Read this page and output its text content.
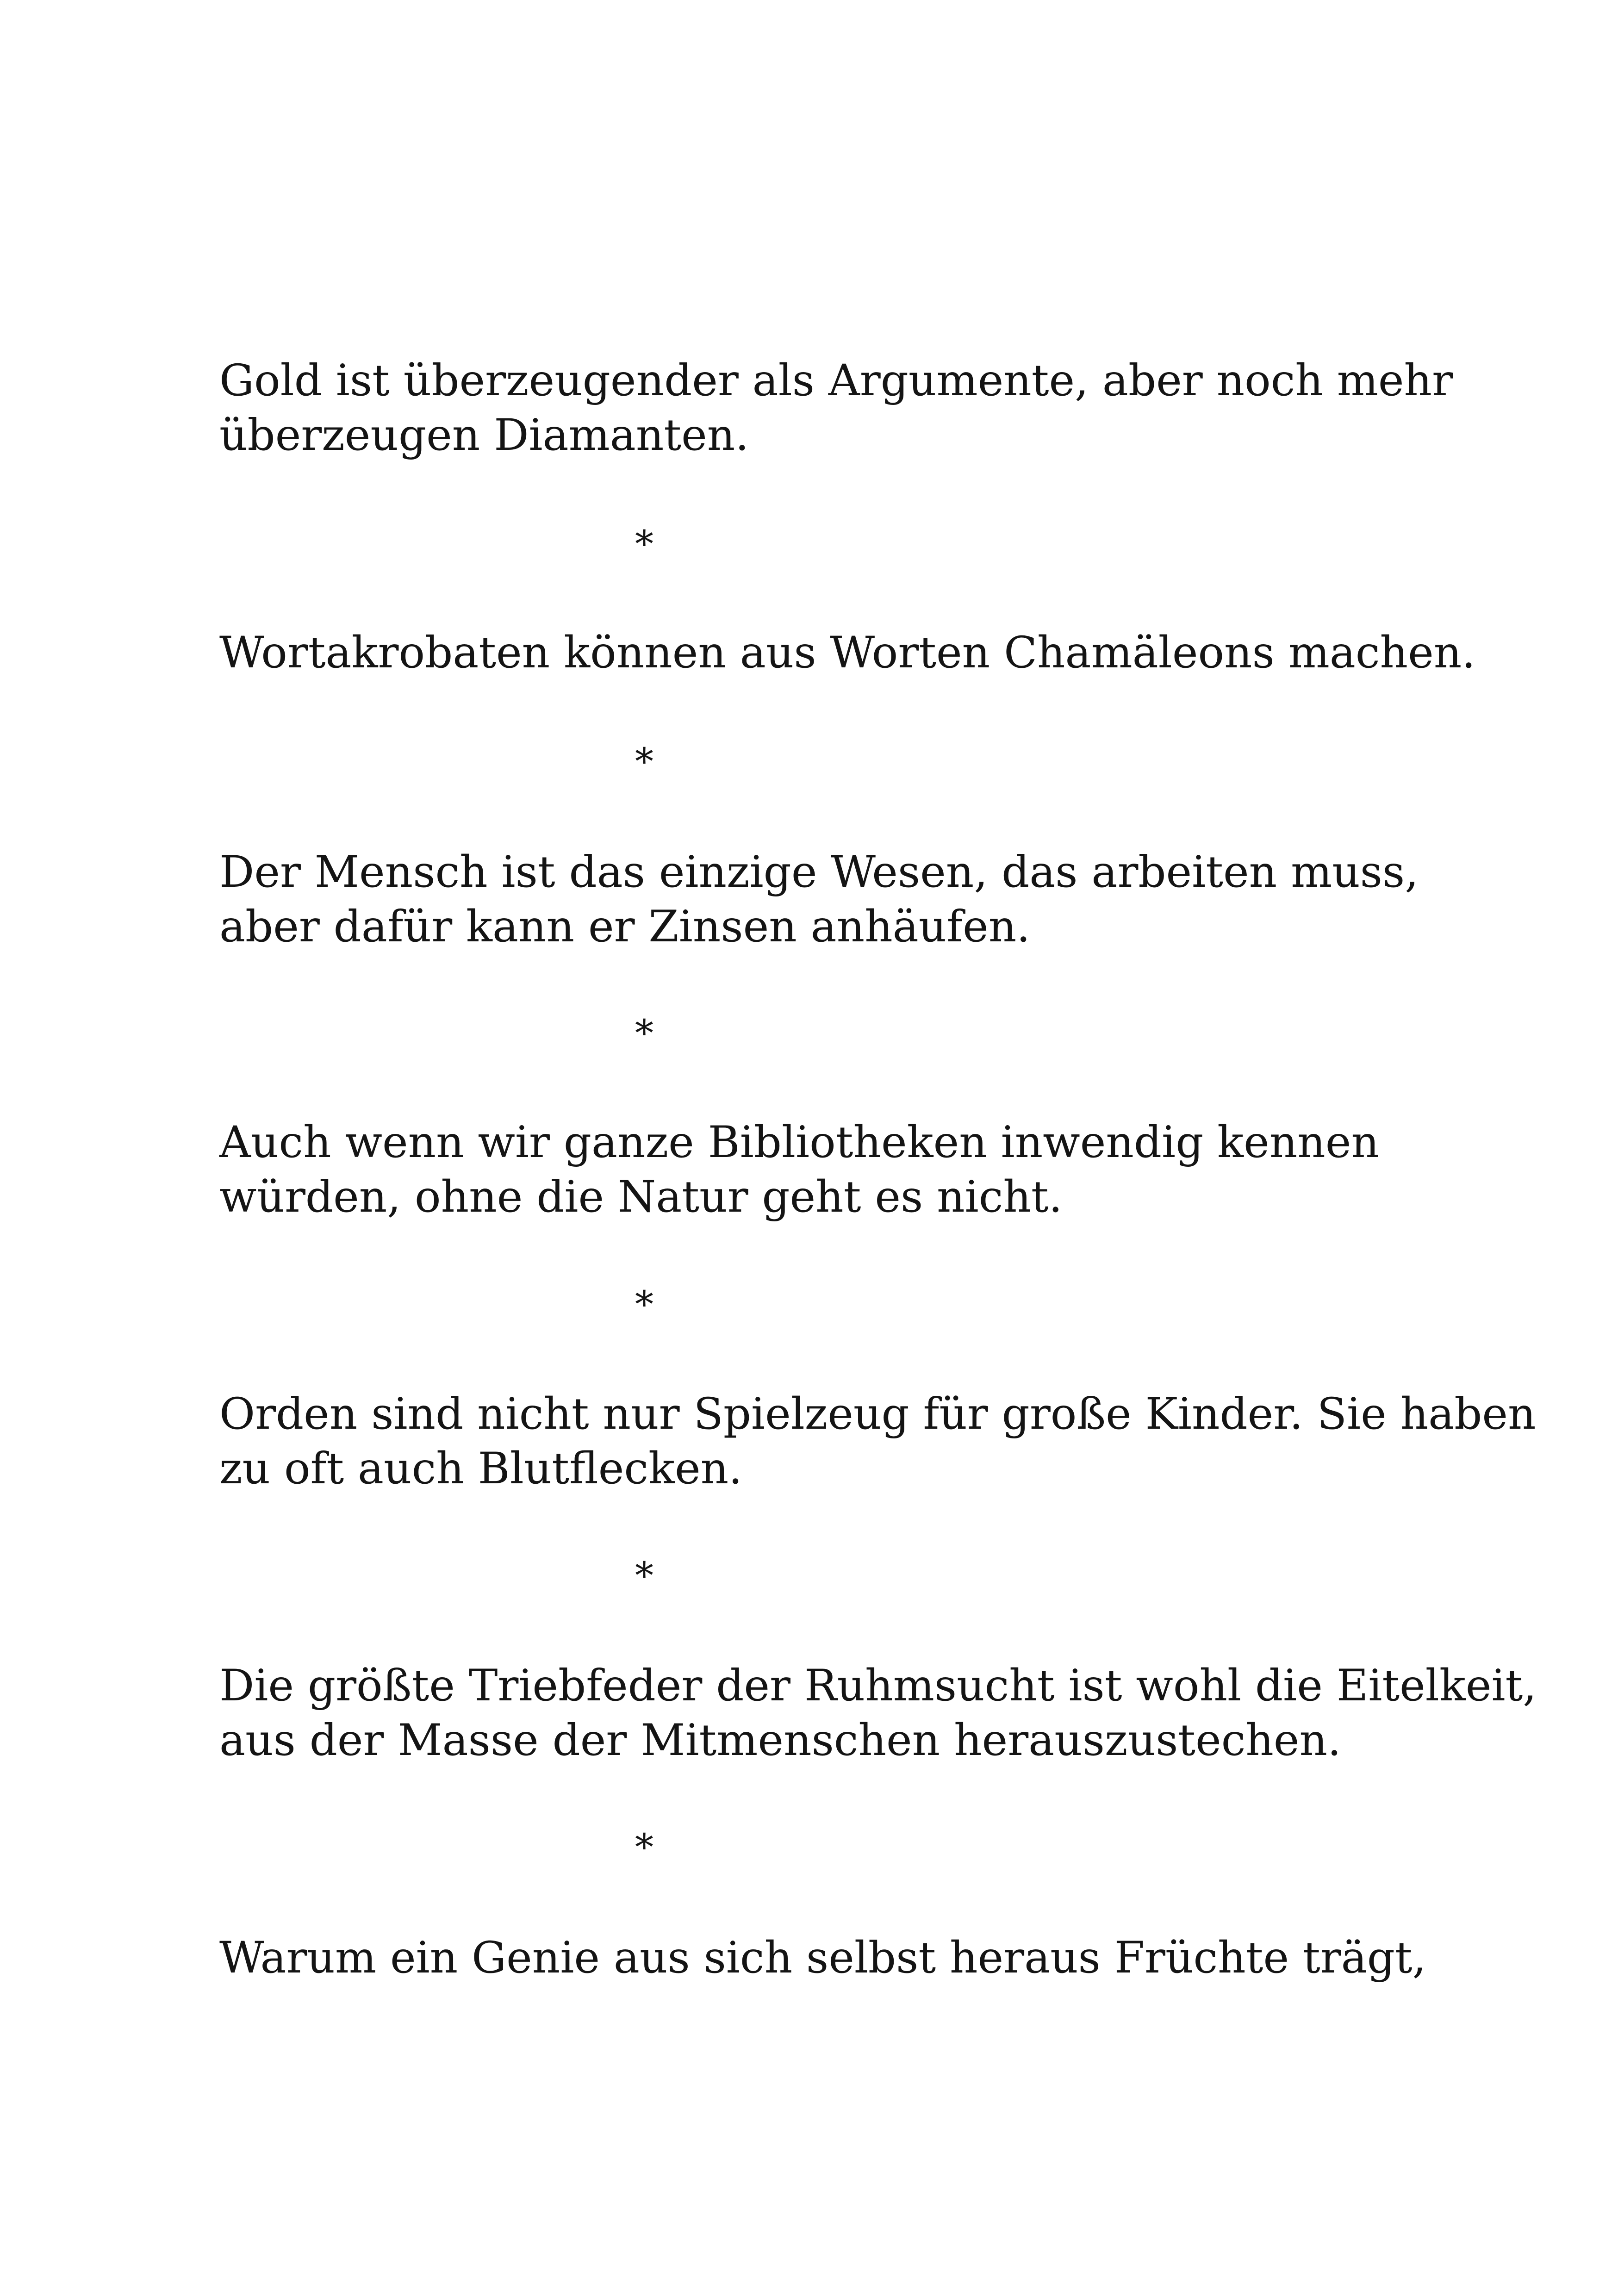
Gold ist überzeugender als Argumente, aber noch mehr
überzeugen Diamanten.

*

Wortakrobaten können aus Worten Chamäleons machen.

*

Der Mensch ist das einzige Wesen, das arbeiten muss,
aber dafür kann er Zinsen anhäufen.

*

Auch wenn wir ganze Bibliotheken inwendig kennen
würden, ohne die Natur geht es nicht.

*

Orden sind nicht nur Spielzeug für große Kinder. Sie haben
zu oft auch Blutflecken.

*

Die größte Triebfeder der Ruhmsucht ist wohl die Eitelkeit,
aus der Masse der Mitmenschen herauszustechen.

*

Warum ein Genie aus sich selbst heraus Früchte trägt,
